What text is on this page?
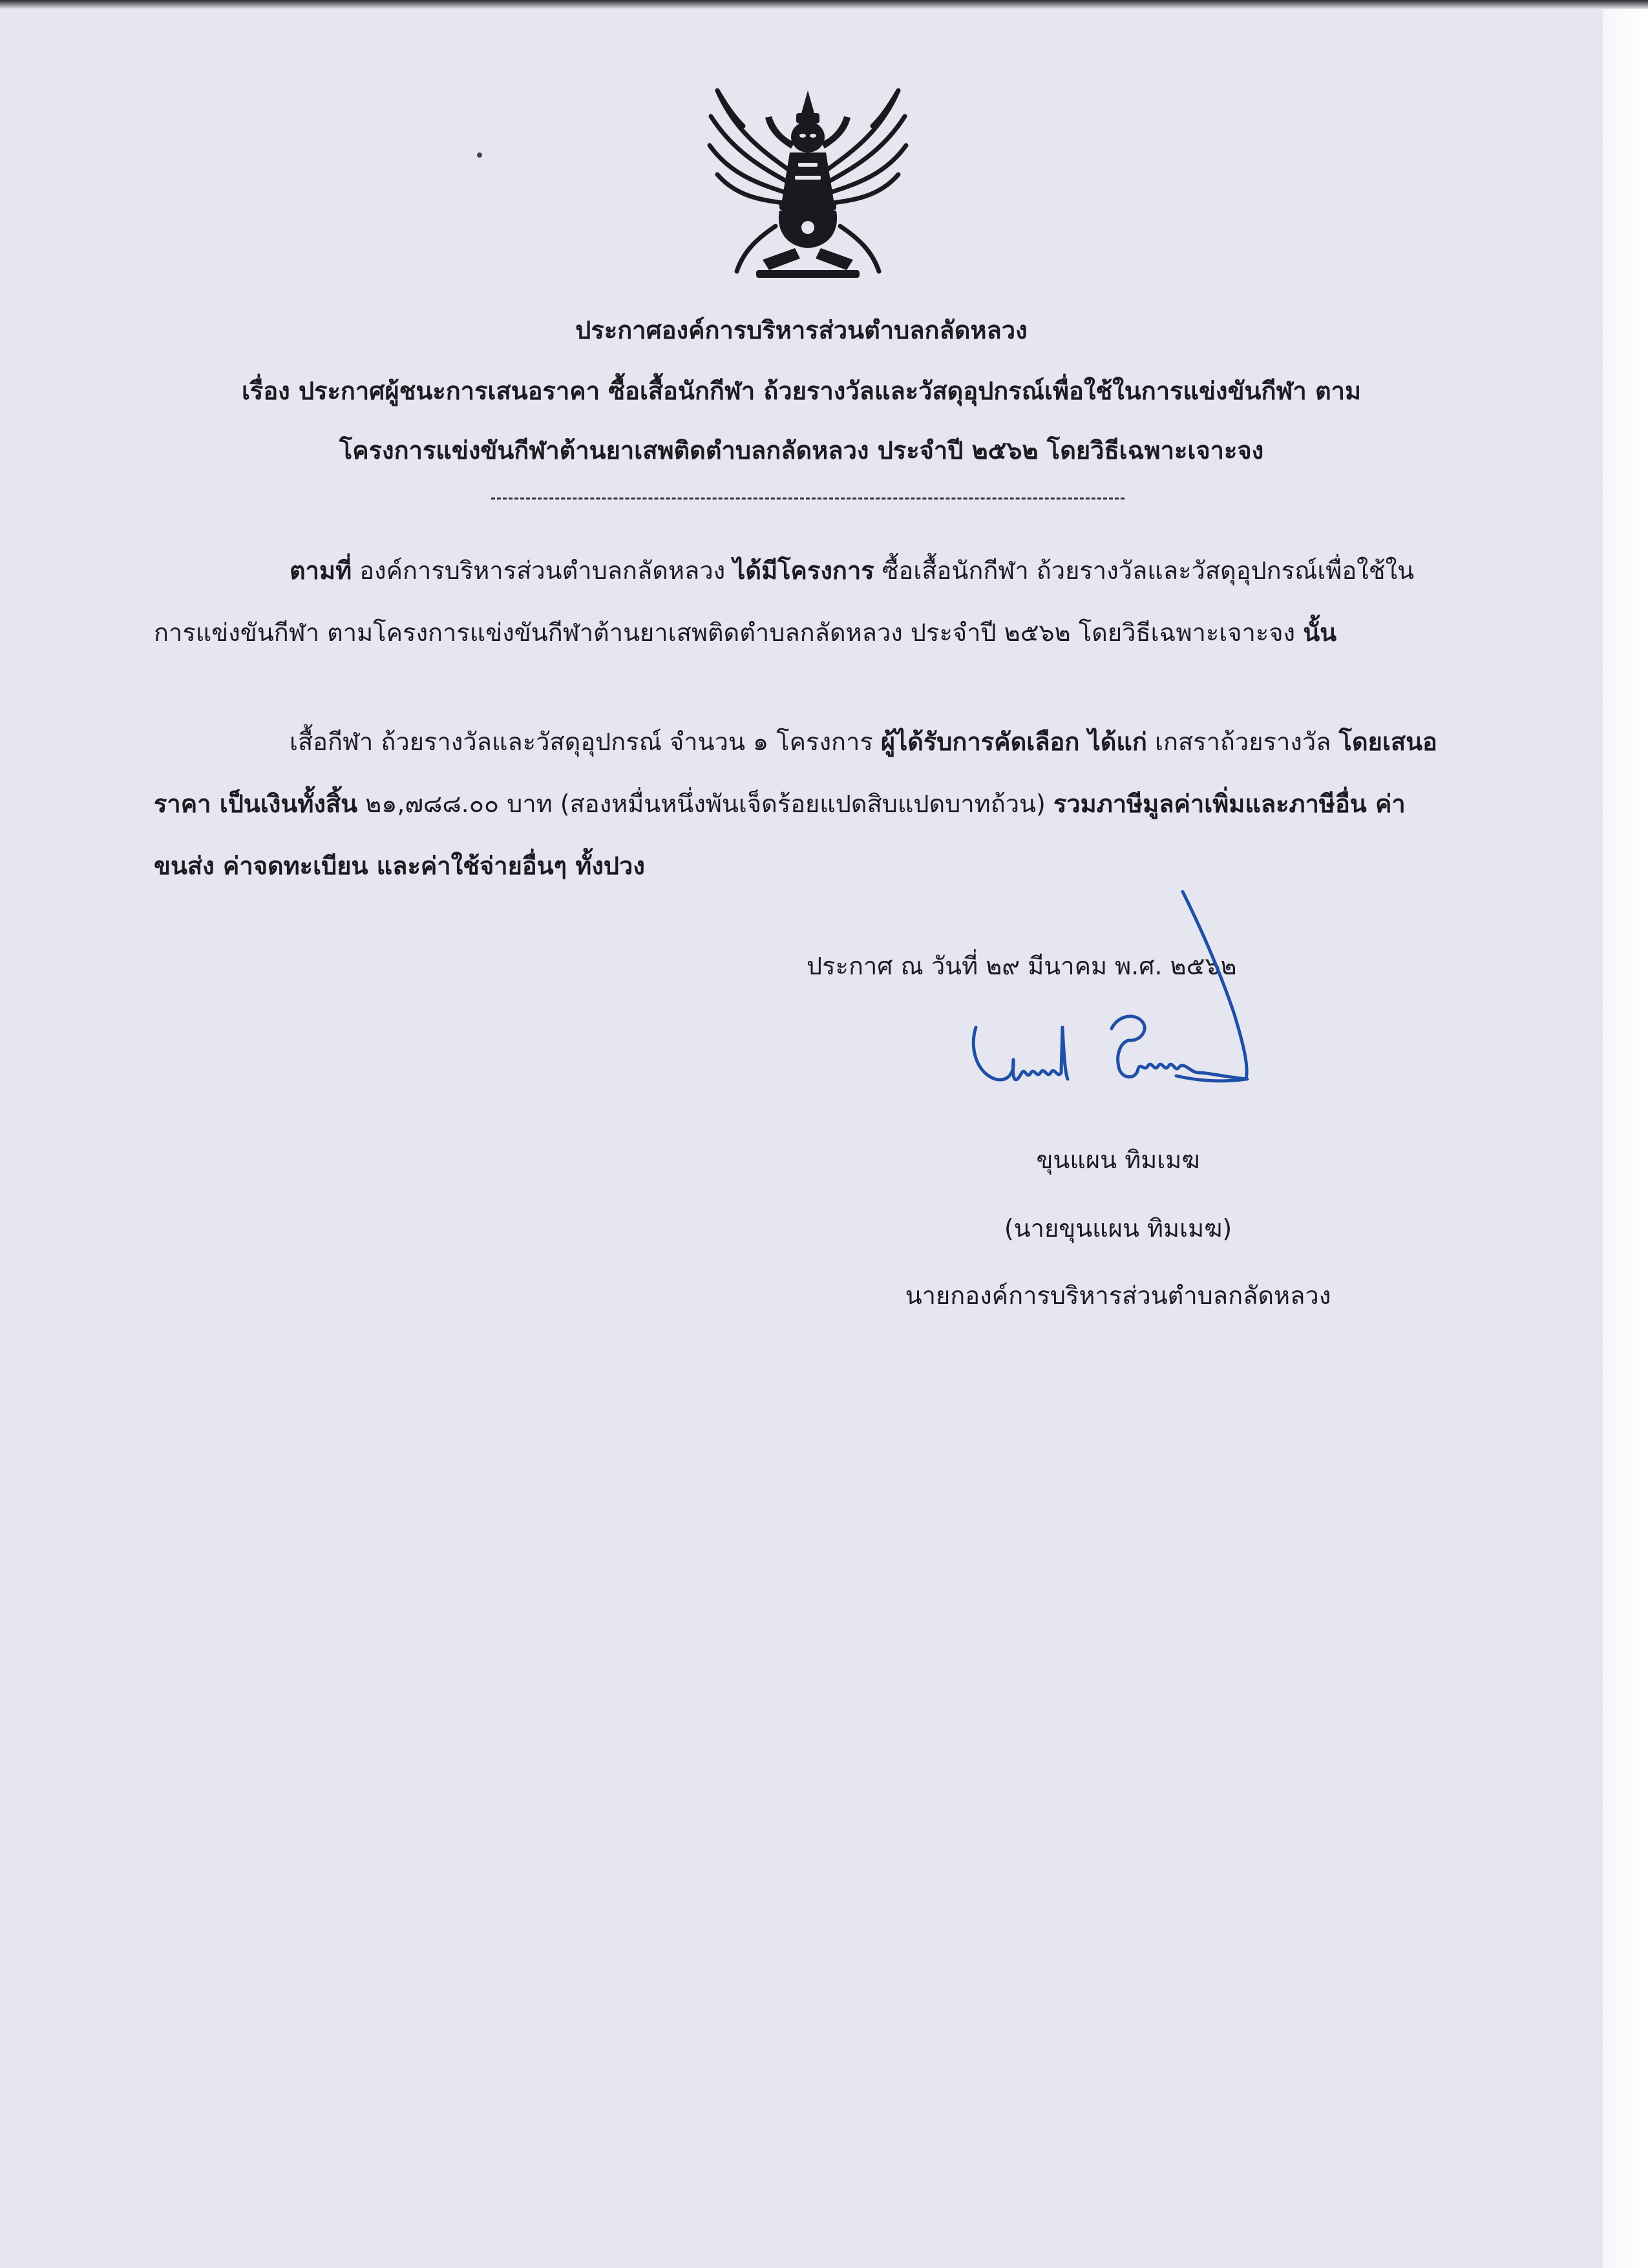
ประกาศองค์การบริหารส่วนตำบลกลัดหลวง
เรื่อง ประกาศผู้ชนะการเสนอราคา ซื้อเสื้อนักกีฬา ถ้วยรางวัลและวัสดุอุปกรณ์เพื่อใช้ในการแข่งขันกีฬา ตาม
โครงการแข่งขันกีฬาต้านยาเสพติดตำบลกลัดหลวง ประจำปี ๒๕๖๒ โดยวิธีเฉพาะเจาะจง
ตามที่ องค์การบริหารส่วนตำบลกลัดหลวง ได้มีโครงการ ซื้อเสื้อนักกีฬา ถ้วยรางวัลและวัสดุอุปกรณ์เพื่อใช้ในการแข่งขันกีฬา ตามโครงการแข่งขันกีฬาต้านยาเสพติดตำบลกลัดหลวง ประจำปี ๒๕๖๒ โดยวิธีเฉพาะเจาะจง นั้น
เสื้อกีฬา ถ้วยรางวัลและวัสดุอุปกรณ์ จำนวน ๑ โครงการ ผู้ได้รับการคัดเลือก ได้แก่ เกสราถ้วยรางวัล โดยเสนอราคา เป็นเงินทั้งสิ้น ๒๑,๗๘๘.๐๐ บาท (สองหมื่นหนึ่งพันเจ็ดร้อยแปดสิบแปดบาทถ้วน) รวมภาษีมูลค่าเพิ่มและภาษีอื่น ค่าขนส่ง ค่าจดทะเบียน และค่าใช้จ่ายอื่นๆ ทั้งปวง
ประกาศ ณ วันที่ ๒๙ มีนาคม พ.ศ. ๒๕๖๒
ขุนแผน ทิมเมฆ
(นายขุนแผน ทิมเมฆ)
นายกองค์การบริหารส่วนตำบลกลัดหลวง
